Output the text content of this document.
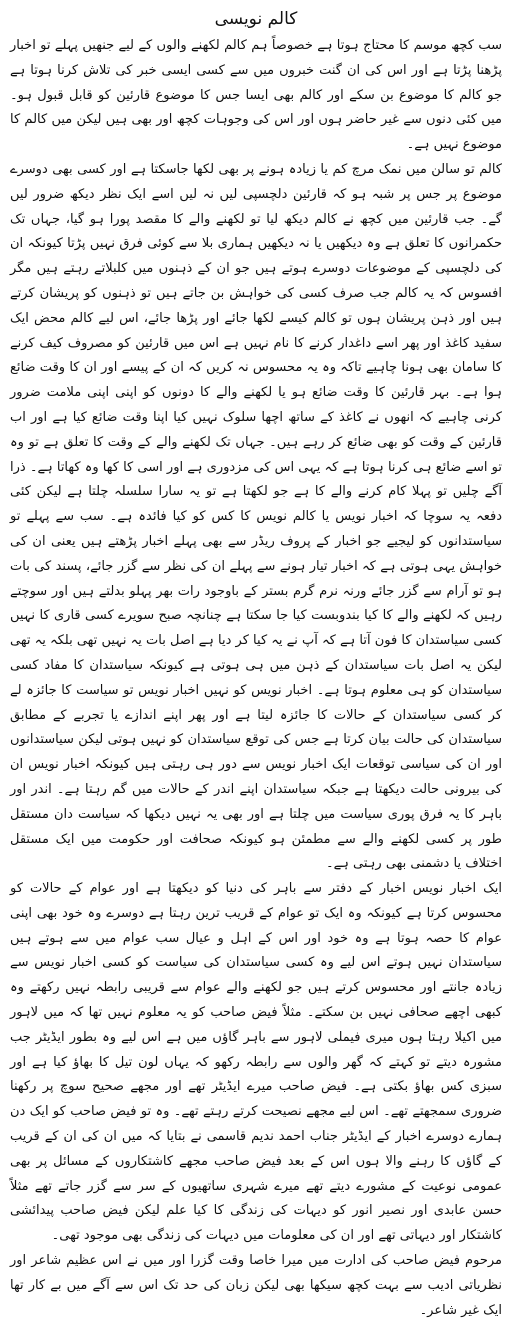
کالم نویسی

سب کچھ موسم کا محتاج ہوتا ہے خصوصاً ہم کالم لکھنے والوں کے لیے جنھیں پہلے تو اخبار پڑھنا پڑتا ہے اور اس کی ان گنت خبروں میں سے کسی ایسی خبر کی تلاش کرنا ہوتا ہے جو کالم کا موضوع بن سکے اور کالم بھی ایسا جس کا موضوع قارئین کو قابل قبول ہو۔ میں کئی دنوں سے غیر حاضر ہوں اور اس کی وجوہات کچھ اور بھی ہیں لیکن میں کالم کا موضوع نہیں ہے۔

کالم تو سالن میں نمک مرچ کم یا زیادہ ہونے پر بھی لکھا جاسکتا ہے اور کسی بھی دوسرے موضوع پر جس پر شبہ ہو کہ قارئین دلچسپی لیں نہ لیں اسے ایک نظر دیکھ ضرور لیں گے۔ جب قارئین میں کچھ نے کالم دیکھ لیا تو لکھنے والے کا مقصد پورا ہو گیا، جہاں تک حکمرانوں کا تعلق ہے وہ دیکھیں یا نہ دیکھیں ہماری بلا سے کوئی فرق نہیں پڑتا کیونکہ ان کی دلچسپی کے موضوعات دوسرے ہوتے ہیں جو ان کے ذہنوں میں کلبلاتے رہتے ہیں مگر افسوس کہ یہ کالم جب صرف کسی کی خواہش بن جاتے ہیں تو ذہنوں کو پریشان کرتے ہیں اور ذہن پریشان ہوں تو کالم کیسے لکھا جائے اور پڑھا جائے، اس لیے کالم محض ایک سفید کاغذ اور پھر اسے داغدار کرنے کا نام نہیں ہے اس میں قارئین کو مصروف کیف کرنے کا سامان بھی ہونا چاہیے تاکہ وہ یہ محسوس نہ کریں کہ ان کے پیسے اور ان کا وقت ضائع ہوا ہے۔ بہر قارئین کا وقت ضائع ہو یا لکھنے والے کا دونوں کو اپنی اپنی ملامت ضرور کرنی چاہیے کہ انھوں نے کاغذ کے ساتھ اچھا سلوک نہیں کیا اپنا وقت ضائع کیا ہے اور اب قارئین کے وقت کو بھی ضائع کر رہے ہیں۔ جہاں تک لکھنے والے کے وقت کا تعلق ہے تو وہ تو اسے ضائع ہی کرنا ہوتا ہے کہ یہی اس کی مزدوری ہے اور اسی کا کھا وہ کھاتا ہے۔ ذرا آگے چلیں تو پہلا کام کرنے والے کا ہے جو لکھتا ہے تو یہ سارا سلسلہ چلتا ہے لیکن کئی دفعہ یہ سوچا کہ اخبار نویس یا کالم نویس کا کس کو کیا فائدہ ہے۔ سب سے پہلے تو سیاستدانوں کو لیجیے جو اخبار کے پروف ریڈر سے بھی پہلے اخبار پڑھتے ہیں یعنی ان کی خواہش یہی ہوتی ہے کہ اخبار تیار ہونے سے پہلے ان کی نظر سے گزر جائے، پسند کی بات ہو تو آرام سے گزر جائے ورنہ نرم گرم بستر کے باوجود رات بھر پہلو بدلتے ہیں اور سوچتے رہیں کہ لکھنے والے کا کیا بندوبست کیا جا سکتا ہے چنانچہ صبح سویرے کسی قاری کا نہیں کسی سیاستدان کا فون آتا ہے کہ آپ نے یہ کیا کر دیا ہے اصل بات یہ نہیں تھی بلکہ یہ تھی لیکن یہ اصل بات سیاستدان کے ذہن میں ہی ہوتی ہے کیونکہ سیاستدان کا مفاد کسی سیاستدان کو ہی معلوم ہوتا ہے۔ اخبار نویس کو نہیں اخبار نویس تو سیاست کا جائزہ لے کر کسی سیاستدان کے حالات کا جائزہ لیتا ہے اور پھر اپنے اندازے یا تجربے کے مطابق سیاستدان کی حالت بیان کرتا ہے جس کی توقع سیاستدان کو نہیں ہوتی لیکن سیاستدانوں اور ان کی سیاسی توقعات ایک اخبار نویس سے دور ہی رہتی ہیں کیونکہ اخبار نویس ان کی بیرونی حالت دیکھتا ہے جبکہ سیاستدان اپنے اندر کے حالات میں گم رہتا ہے۔ اندر اور باہر کا یہ فرق پوری سیاست میں چلتا ہے اور بھی یہ نہیں دیکھا کہ سیاست دان مستقل طور پر کسی لکھنے والے سے مطمئن ہو کیونکہ صحافت اور حکومت میں ایک مستقل اختلاف یا دشمنی بھی رہتی ہے۔

ایک اخبار نویس اخبار کے دفتر سے باہر کی دنیا کو دیکھتا ہے اور عوام کے حالات کو محسوس کرتا ہے کیونکہ وہ ایک تو عوام کے قریب ترین رہتا ہے دوسرے وہ خود بھی اپنی عوام کا حصہ ہوتا ہے وہ خود اور اس کے اہل و عیال سب عوام میں سے ہوتے ہیں سیاستدان نہیں ہوتے اس لیے وہ کسی سیاستدان کی سیاست کو کسی اخبار نویس سے زیادہ جانتے اور محسوس کرتے ہیں جو لکھنے والے عوام سے قریبی رابطہ نہیں رکھتے وہ کبھی اچھے صحافی نہیں بن سکتے۔ مثلاً فیض صاحب کو یہ معلوم نہیں تھا کہ میں لاہور میں اکیلا رہتا ہوں میری فیملی لاہور سے باہر گاؤں میں ہے اس لیے وہ بطور ایڈیٹر جب مشورہ دیتے تو کہتے کہ گھر والوں سے رابطہ رکھو کہ یہاں لون تیل کا بھاؤ کیا ہے اور سبزی کس بھاؤ بکتی ہے۔ فیض صاحب میرے ایڈیٹر تھے اور مجھے صحیح سوچ پر رکھنا ضروری سمجھتے تھے۔ اس لیے مجھے نصیحت کرتے رہتے تھے۔ وہ تو فیض صاحب کو ایک دن ہمارے دوسرے اخبار کے ایڈیٹر جناب احمد ندیم قاسمی نے بتایا کہ میں ان کی ان کے قریب کے گاؤں کا رہنے والا ہوں اس کے بعد فیض صاحب مجھے کاشتکاروں کے مسائل پر بھی عمومی نوعیت کے مشورے دیتے تھے میرے شہری ساتھیوں کے سر سے گزر جاتے تھے مثلاً حسن عابدی اور نصیر انور کو دیہات کی زندگی کا کیا علم لیکن فیض صاحب پیدائشی کاشتکار اور دیہاتی تھے اور ان کی معلومات میں دیہات کی زندگی بھی موجود تھی۔

مرحوم فیض صاحب کی ادارت میں میرا خاصا وقت گزرا اور میں نے اس عظیم شاعر اور نظریاتی ادیب سے بہت کچھ سیکھا بھی لیکن زبان کی حد تک اس سے آگے میں بے کار تھا ایک غیر شاعر۔
